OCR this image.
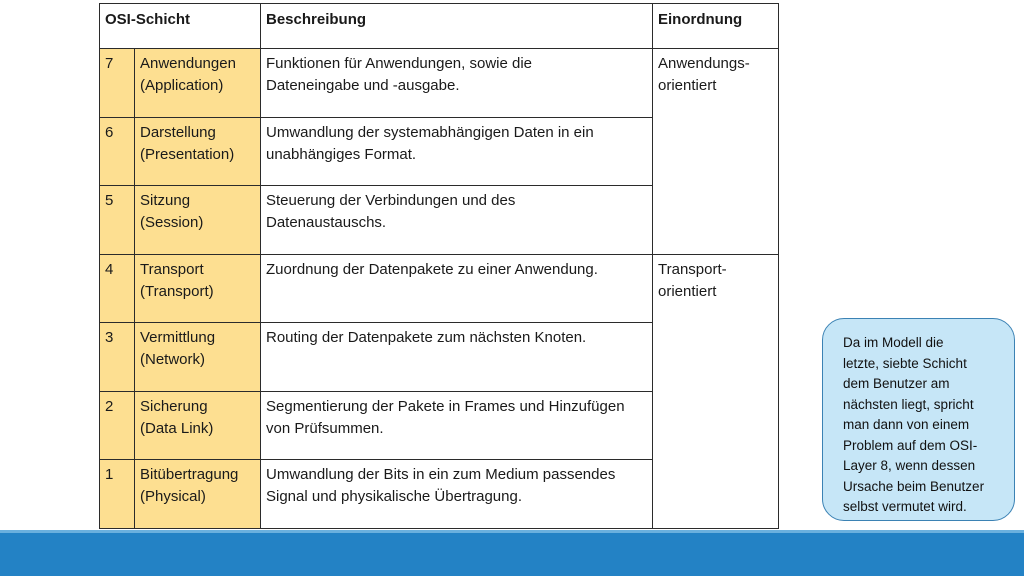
OSI-Schicht		Beschreibung	Einordnung
7	Anwendungen
(Application)	Funktionen für Anwendungen, sowie die
Dateneingabe und -ausgabe.	Anwendungs-
orientiert

6	Darstellung
(Presentation)	Umwandlung der systemabhängigen Daten in ein
unabhängiges Format.	

5	Sitzung
(Session)	Steuerung der Verbindungen und des
Datenaustauschs.	

4	Transport
(Transport)	Zuordnung der Datenpakete zu einer Anwendung.	Transport-
orientiert

3	Vermittlung
(Network)	Routing der Datenpakete zum nächsten Knoten.	

2	Sicherung
(Data Link)	Segmentierung der Pakete in Frames und Hinzufügen
von Prüfsummen.	

1	Bitübertragung
(Physical)	Umwandlung der Bits in ein zum Medium passendes
Signal und physikalische Übertragung.	
Da im Modell die
letzte, siebte Schicht
dem Benutzer am
nächsten liegt, spricht
man dann von einem
Problem auf dem OSI-
Layer 8, wenn dessen
Ursache beim Benutzer
selbst vermutet wird.
